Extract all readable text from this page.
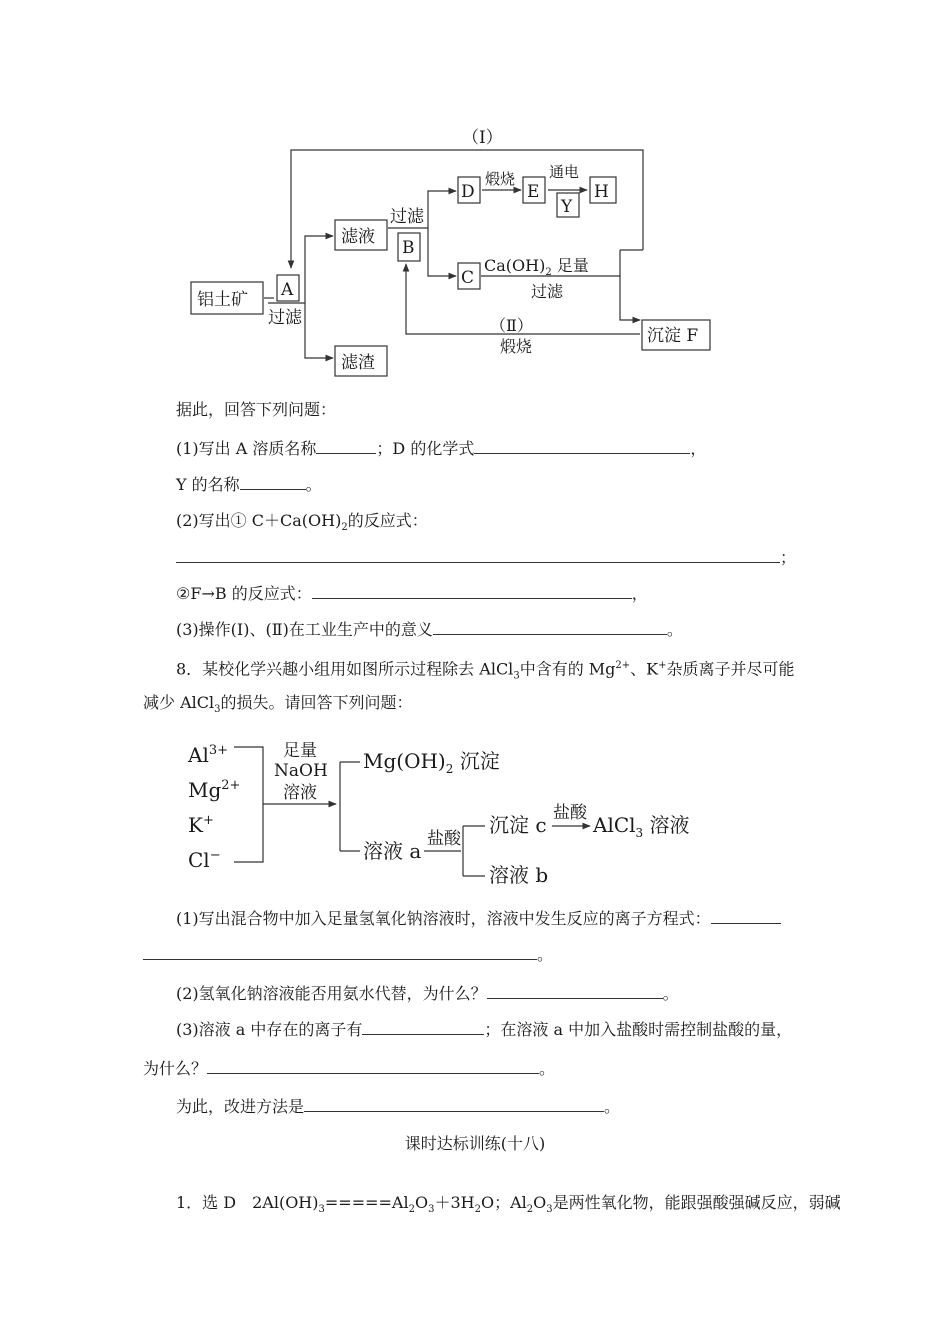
（Ⅰ）
铝土矿 A
过滤
滤液
滤渣
过滤
B
D
煅烧
E
通电
Y
H
C
$Ca(OH)_2$ 足量
过滤
沉淀 F
（Ⅱ）
煅烧
据此，回答下列问题：
(1)写出 A 溶质名称	；D 的化学式	，
Y 的名称	。
(2)写出① $C+Ca(OH)_2$的反应式：
；
②F→B 的反应式：	，
(3)操作(Ⅰ)、(Ⅱ)在工业生产中的意义	。
8．某校化学兴趣小组用如图所示过程除去 AlCl$_3$中含有的 $Mg^{2+}$、K+杂质离子并尽可能
减少 AlCl$_3$的损失。请回答下列问题：
$Al^{3+}$
$Mg^{2+}$
K+
Cl−
足量
NaOH
溶液
$Mg(OH)_2$ 沉淀
溶液 a 盐酸
沉淀 c 盐酸 AlCl$_3$ 溶液
溶液 b
(1)写出混合物中加入足量氢氧化钠溶液时，溶液中发生反应的离子方程式：
。
(2)氢氧化钠溶液能否用氨水代替，为什么？	。
(3)溶液 a 中存在的离子有	；在溶液 a 中加入盐酸时需控制盐酸的量，
为什么？	。
为此，改进方法是	。
课时达标训练(十八)
1．选 D　$2Al(OH)_3=====Al_2O_3+3H_2O$；$Al_2O_3$是两性氧化物，能跟强酸强碱反应，弱碱
